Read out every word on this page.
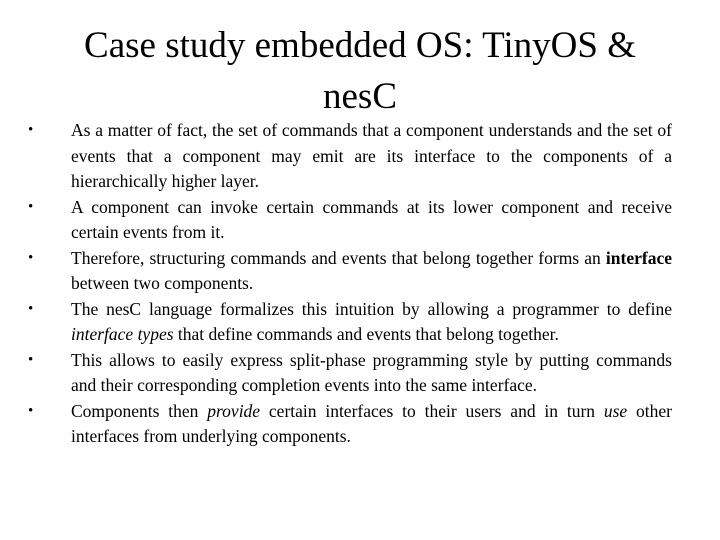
Case study embedded OS: TinyOS &
nesC
•	As a matter of fact, the set of commands that a component understands and the set of events that a component may emit are its interface to the components of a hierarchically higher layer.
•	A component can invoke certain commands at its lower component and receive certain events from it.
•	Therefore, structuring commands and events that belong together forms an interface between two components.
•	The nesC language formalizes this intuition by allowing a programmer to define interface types that define commands and events that belong together.
•	This allows to easily express split-phase programming style by putting commands and their corresponding completion events into the same interface.
•	Components then provide certain interfaces to their users and in turn use other interfaces from underlying components.
